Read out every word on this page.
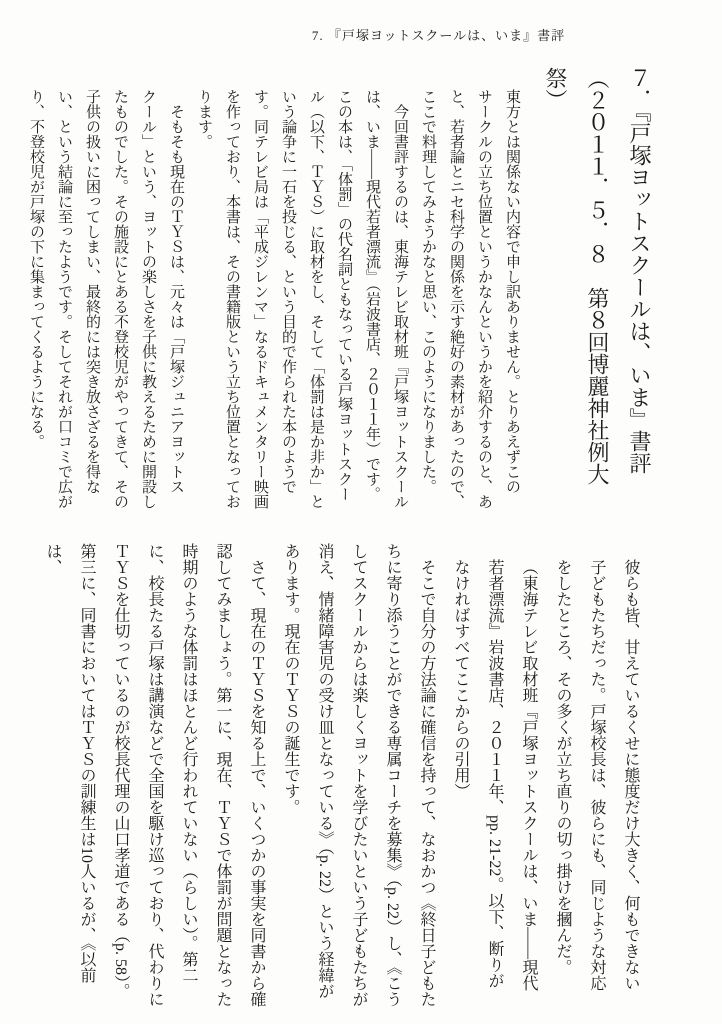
7. 『戸塚ヨットスクールは、いま』書評
７．『戸塚ヨットスクールは、いま』書評
（２０１１．５．８　第８回博麗神社例大祭）

東方とは関係ない内容で申し訳ありません。とりあえずこのサークルの立ち位置というかなんというかを紹介するのと、あと、若者論とニセ科学の関係を示す絶好の素材があったので、ここで料理してみようかなと思い、このようになりました。

　今回書評するのは、東海テレビ取材班『戸塚ヨットスクールは、いま――現代若者漂流』（岩波書店、２０１１年）です。この本は、「体罰」の代名詞ともなっている戸塚ヨットスクール（以下、ＴＹＳ）に取材をし、そして「体罰は是か非か」という論争に一石を投じる、という目的で作られた本のようです。同テレビ局は「平成ジレンマ」なるドキュメンタリー映画を作っており、本書は、その書籍版という立ち位置となっております。

　そもそも現在のＴＹＳは、元々は「戸塚ジュニアヨットスクール」という、ヨットの楽しさを子供に教えるために開設したものでした。その施設にとある不登校児がやってきて、その子供の扱いに困ってしまい、最終的には突き放さざるを得ない、という結論に至ったようです。そしてそれが口コミで広がり、不登校児が戸塚の下に集まってくるようになる。

彼らも皆、甘えているくせに態度だけ大きく、何もできない子どもたちだった。戸塚校長は、彼らにも、同じような対応をしたところ、その多くが立ち直りの切っ掛けを摑んだ。

（東海テレビ取材班『戸塚ヨットスクールは、いま――現代若者漂流』岩波書店、２０１１年、pp. 21-22。以下、断りがなければすべてここからの引用）

　そこで自分の方法論に確信を持って、なおかつ《終日子どもたちに寄り添うことができる専属コーチを募集》（p. 22）し、《こうしてスクールからは楽しくヨットを学びたいという子どもたちが消え、情緒障害児の受け皿となっている》（p. 22）という経緯があります。現在のＴＹＳの誕生です。

　さて、現在のＴＹＳを知る上で、いくつかの事実を同書から確認してみましょう。第一に、現在、ＴＹＳで体罰が問題となった時期のような体罰はほとんど行われていない（らしい）。第二に、校長たる戸塚は講演などで全国を駆け巡っており、代わりにＴＹＳを仕切っているのが校長代理の山口孝道である（p. 58）。第三に、同書においてはＴＹＳの訓練生は10人いるが、《以前は、
